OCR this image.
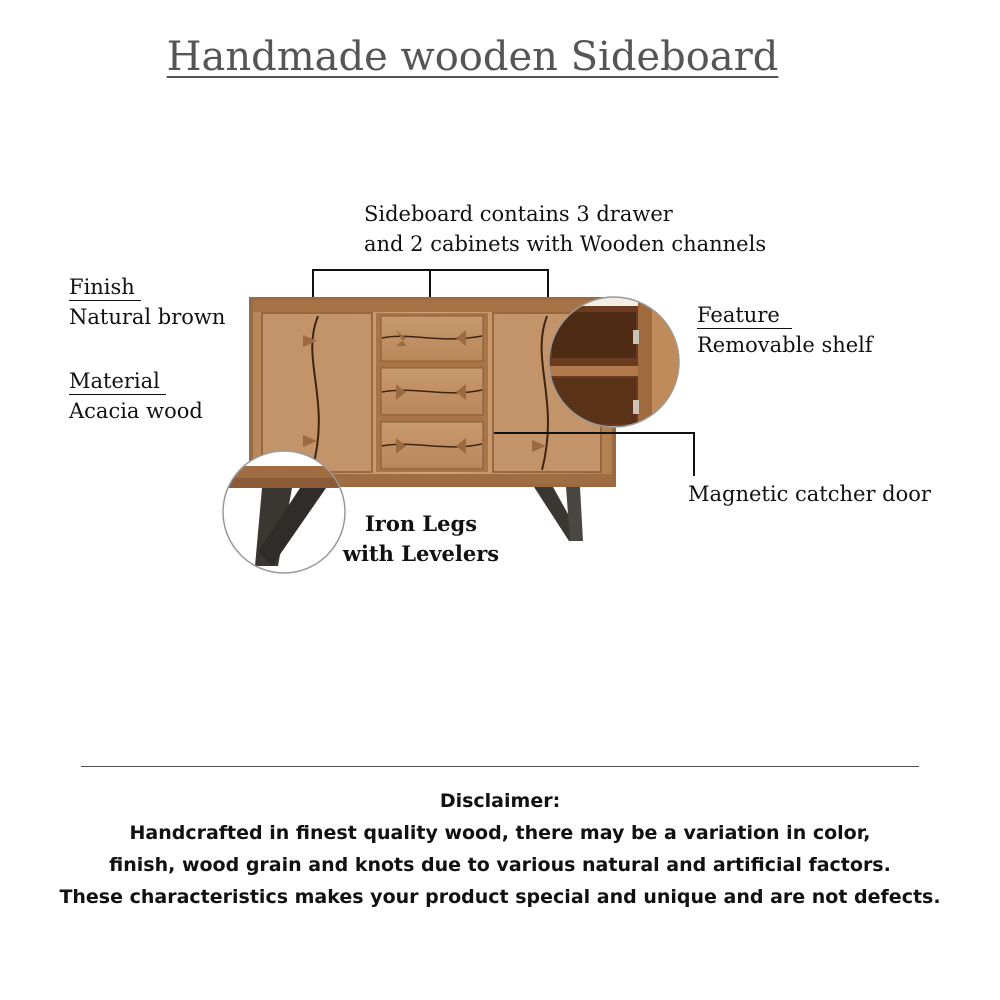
Handmade wooden Sideboard
Sideboard contains 3 drawer
and 2 cabinets with Wooden channels
Finish
Natural brown
Material
Acacia wood
Feature
Removable shelf
Magnetic catcher door
Iron Legs
with Levelers
Disclaimer:
Handcrafted in finest quality wood, there may be a variation in color,
finish, wood grain and knots due to various natural and artificial factors.
These characteristics makes your product special and unique and are not defects.
